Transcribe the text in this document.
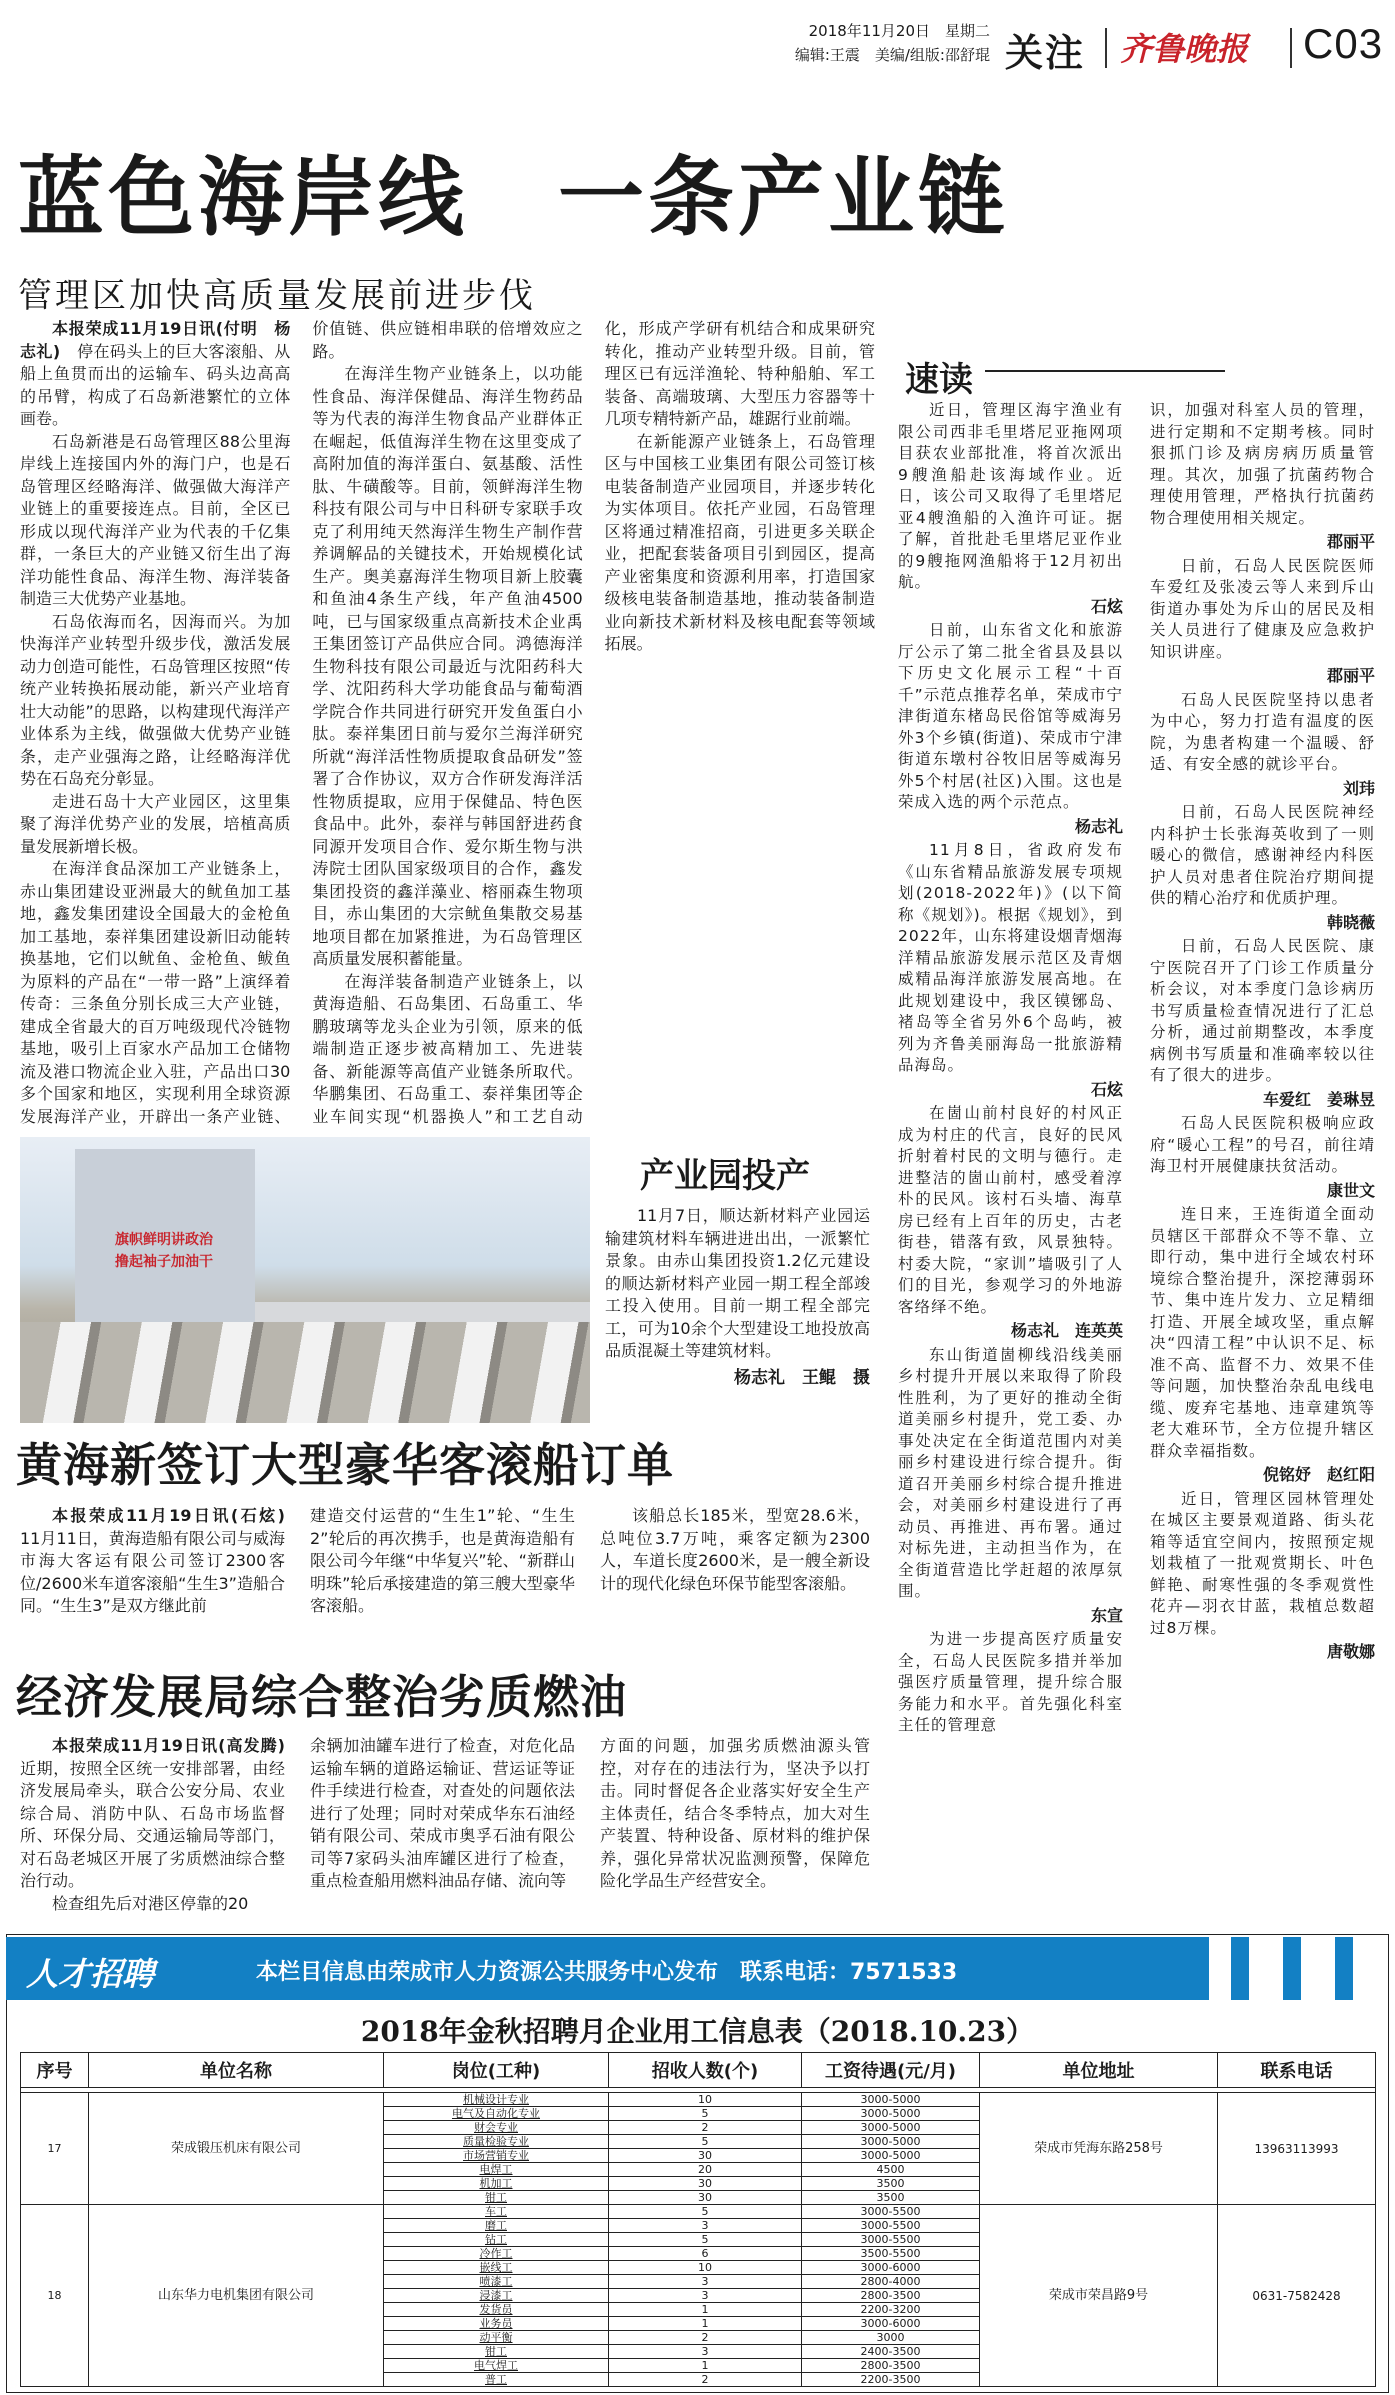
2018年11月20日　星期二
编辑:王震　美编/组版:邵舒琨 关注 齐鲁晚报 C03
蓝色海岸线　一条产业链
管理区加快高质量发展前进步伐

本报荣成11月19日讯(付明　杨志礼)　 停在码头上的巨大客滚船、从船上鱼贯而出的运输车、码头边高高的吊臂，构成了石岛新港繁忙的立体画卷。

石岛新港是石岛管理区88公里海岸线上连接国内外的海门户，也是石岛管理区经略海洋、做强做大海洋产业链上的重要接连点。目前，全区已形成以现代海洋产业为代表的千亿集群，一条巨大的产业链又衍生出了海洋功能性食品、海洋生物、海洋装备制造三大优势产业基地。

石岛依海而名，因海而兴。为加快海洋产业转型升级步伐，激活发展动力创造可能性，石岛管理区按照“传统产业转换拓展动能，新兴产业培育壮大动能”的思路，以构建现代海洋产业体系为主线，做强做大优势产业链条，走产业强海之路，让经略海洋优势在石岛充分彰显。

走进石岛十大产业园区，这里集聚了海洋优势产业的发展，培植高质量发展新增长极。

在海洋食品深加工产业链条上，赤山集团建设亚洲最大的鱿鱼加工基地，鑫发集团建设全国最大的金枪鱼加工基地，泰祥集团建设新旧动能转换基地，它们以鱿鱼、金枪鱼、鲅鱼为原料的产品在“一带一路”上演绎着传奇：三条鱼分别长成三大产业链，建成全省最大的百万吨级现代冷链物基地，吸引上百家水产品加工仓储物流及港口物流企业入驻，产品出口30多个国家和地区，实现利用全球资源发展海洋产业，开辟出一条产业链、价值链、供应链相串联的倍增效应之路。

在海洋生物产业链条上，以功能性食品、海洋保健品、海洋生物药品等为代表的海洋生物食品产业群体正在崛起，低值海洋生物在这里变成了高附加值的海洋蛋白、氨基酸、活性肽、牛磺酸等。目前，领鲜海洋生物科技有限公司与中日科研专家联手攻克了利用纯天然海洋生物生产制作营养调解品的关键技术，开始规模化试生产。奥美嘉海洋生物项目新上胶囊和鱼油4条生产线，年产鱼油4500吨，已与国家级重点高新技术企业禹王集团签订产品供应合同。鸿德海洋生物科技有限公司最近与沈阳药科大学、沈阳药科大学功能食品与葡萄酒学院合作共同进行研究开发鱼蛋白小肽。泰祥集团日前与爱尔兰海洋研究所就“海洋活性物质提取食品研发”签署了合作协议，双方合作研发海洋活性物质提取，应用于保健品、特色医食品中。此外，泰祥与韩国舒进药食同源开发项目合作、爱尔斯生物与洪涛院士团队国家级项目的合作，鑫发集团投资的鑫洋藻业、榕丽森生物项目，赤山集团的大宗鱿鱼集散交易基地项目都在加紧推进，为石岛管理区高质量发展积蓄能量。

在海洋装备制造产业链条上，以黄海造船、石岛集团、石岛重工、华鹏玻璃等龙头企业为引领，原来的低端制造正逐步被高精加工、先进装备、新能源等高值产业链条所取代。华鹏集团、石岛重工、泰祥集团等企业车间实现“机器换人”和工艺自动化，形成产学研有机结合和成果研究转化，推动产业转型升级。目前，管理区已有远洋渔轮、特种船舶、军工装备、高端玻璃、大型压力容器等十几项专精特新产品，雄踞行业前端。

在新能源产业链条上，石岛管理区与中国核工业集团有限公司签订核电装备制造产业园项目，并逐步转化为实体项目。依托产业园，石岛管理区将通过精准招商，引进更多关联企业，把配套装备项目引到园区，提高产业密集度和资源利用率，打造国家级核电装备制造基地，推动装备制造业向新技术新材料及核电配套等领域拓展。

旗帜鲜明讲政治
撸起袖子加油干
产业园投产

11月7日，顺达新材料产业园运输建筑材料车辆进进出出，一派繁忙景象。由赤山集团投资1.2亿元建设的顺达新材料产业园一期工程全部竣工投入使用。目前一期工程全部完工，可为10余个大型建设工地投放高品质混凝土等建筑材料。

杨志礼　王鲲　摄
黄海新签订大型豪华客滚船订单

本报荣成11月19日讯(石炫)　11月11日，黄海造船有限公司与威海市海大客运有限公司签订2300客位/2600米车道客滚船“生生3”造船合同。“生生3”是双方继此前

建造交付运营的“生生1”轮、“生生2”轮后的再次携手，也是黄海造船有限公司今年继“中华复兴”轮、“新群山明珠”轮后承接建造的第三艘大型豪华客滚船。

该船总长185米，型宽28.6米，总吨位3.7万吨，乘客定额为2300人，车道长度2600米，是一艘全新设计的现代化绿色环保节能型客滚船。

经济发展局综合整治劣质燃油

本报荣成11月19日讯(高发腾)　近期，按照全区统一安排部署，由经济发展局牵头，联合公安分局、农业综合局、消防中队、石岛市场监督所、环保分局、交通运输局等部门，对石岛老城区开展了劣质燃油综合整治行动。

检查组先后对港区停靠的20

余辆加油罐车进行了检查，对危化品运输车辆的道路运输证、营运证等证件手续进行检查，对查处的问题依法进行了处理；同时对荣成华东石油经销有限公司、荣成市奥孚石油有限公司等7家码头油库罐区进行了检查，重点检查船用燃料油品存储、流向等

方面的问题，加强劣质燃油源头管控，对存在的违法行为，坚决予以打击。同时督促各企业落实好安全生产主体责任，结合冬季特点，加大对生产装置、特种设备、原材料的维护保养，强化异常状况监测预警，保障危险化学品生产经营安全。

速读

近日，管理区海宇渔业有限公司西非毛里塔尼亚拖网项目获农业部批准，将首次派出9艘渔船赴该海域作业。近日，该公司又取得了毛里塔尼亚4艘渔船的入渔许可证。据了解，首批赴毛里塔尼亚作业的9艘拖网渔船将于12月初出航。

石炫

日前，山东省文化和旅游厅公示了第二批全省县及县以下历史文化展示工程“十百千”示范点推荐名单，荣成市宁津街道东楮岛民俗馆等威海另外3个乡镇(街道)、荣成市宁津街道东墩村谷牧旧居等威海另外5个村居(社区)入围。这也是荣成入选的两个示范点。

杨志礼

11月8日，省政府发布《山东省精品旅游发展专项规划(2018-2022年)》(以下简称《规划》)。根据《规划》，到2022年，山东将建设烟青烟海洋精品旅游发展示范区及青烟威精品海洋旅游发展高地。在此规划建设中，我区镆铘岛、褚岛等全省另外6个岛屿，被列为齐鲁美丽海岛一批旅游精品海岛。

石炫

在崮山前村良好的村风正成为村庄的代言，良好的民风折射着村民的文明与德行。走进整洁的崮山前村，感受着淳朴的民风。该村石头墙、海草房已经有上百年的历史，古老街巷，错落有致，风景独特。村委大院，“家训”墙吸引了人们的目光，参观学习的外地游客络绎不绝。

杨志礼　连英英

东山街道崮柳线沿线美丽乡村提升开展以来取得了阶段性胜利，为了更好的推动全街道美丽乡村提升，党工委、办事处决定在全街道范围内对美丽乡村建设进行综合提升。街道召开美丽乡村综合提升推进会，对美丽乡村建设进行了再动员、再推进、再布署。通过对标先进，主动担当作为，在全街道营造比学赶超的浓厚氛围。

东宣

为进一步提高医疗质量安全，石岛人民医院多措并举加强医疗质量管理，提升综合服务能力和水平。首先强化科室主任的管理意

识，加强对科室人员的管理，进行定期和不定期考核。同时狠抓门诊及病房病历质量管理。其次，加强了抗菌药物合理使用管理，严格执行抗菌药物合理使用相关规定。

郡丽平

日前，石岛人民医院医师车爱红及张凌云等人来到斥山街道办事处为斥山的居民及相关人员进行了健康及应急救护知识讲座。

郡丽平

石岛人民医院坚持以患者为中心，努力打造有温度的医院，为患者构建一个温暖、舒适、有安全感的就诊平台。

刘玮

日前，石岛人民医院神经内科护士长张海英收到了一则暖心的微信，感谢神经内科医护人员对患者住院治疗期间提供的精心治疗和优质护理。

韩晓薇

日前，石岛人民医院、康宁医院召开了门诊工作质量分析会议，对本季度门急诊病历书写质量检查情况进行了汇总分析，通过前期整改，本季度病例书写质量和准确率较以往有了很大的进步。

车爱红　姜琳昱

石岛人民医院积极响应政府“暖心工程”的号召，前往靖海卫村开展健康扶贫活动。

康世文

连日来，王连街道全面动员辖区干部群众不等不靠、立即行动，集中进行全域农村环境综合整治提升，深挖薄弱环节、集中连片发力、立足精细打造、开展全域攻坚，重点解决“四清工程”中认识不足、标准不高、监督不力、效果不佳等问题，加快整治杂乱电线电缆、废弃宅基地、违章建筑等老大难环节，全方位提升辖区群众幸福指数。

倪铭妤　赵红阳

近日，管理区园林管理处在城区主要景观道路、街头花箱等适宜空间内，按照预定规划栽植了一批观赏期长、叶色鲜艳、耐寒性强的冬季观赏性花卉—羽衣甘蓝，栽植总数超过8万棵。

唐敬娜
人才招聘	本栏目信息由荣成市人力资源公共服务中心发布　联系电话：7571533
2018年金秋招聘月企业用工信息表（2018.10.23）
序号	单位名称	岗位(工种)	招收人数(个)	工资待遇(元/月)	单位地址	联系电话

17	荣成锻压机床有限公司	机械设计专业	10	3000-5000	荣成市凭海东路258号	13963113993
		电气及自动化专业	5	3000-5000		
		财会专业	2	3000-5000		
		质量检验专业	5	3000-5000		
		市场营销专业	30	3000-5000		
		电焊工	20	4500		
		机加工	30	3500		
		钳工	30	3500		
18	山东华力电机集团有限公司	车工	5	3000-5500	荣成市荣昌路9号	0631-7582428
		磨工	3	3000-5500		
		钻工	5	3000-5500		
		冷作工	6	3500-5500		
		嵌线工	10	3000-6000		
		喷漆工	3	2800-4000		
		浸漆工	3	2800-3500		
		发货员	1	2200-3200		
		业务员	1	3000-6000		
		动平衡	2	3000		
		钳工	3	2400-3500		
		电气焊工	1	2800-3500		
		普工	2	2200-3500		
